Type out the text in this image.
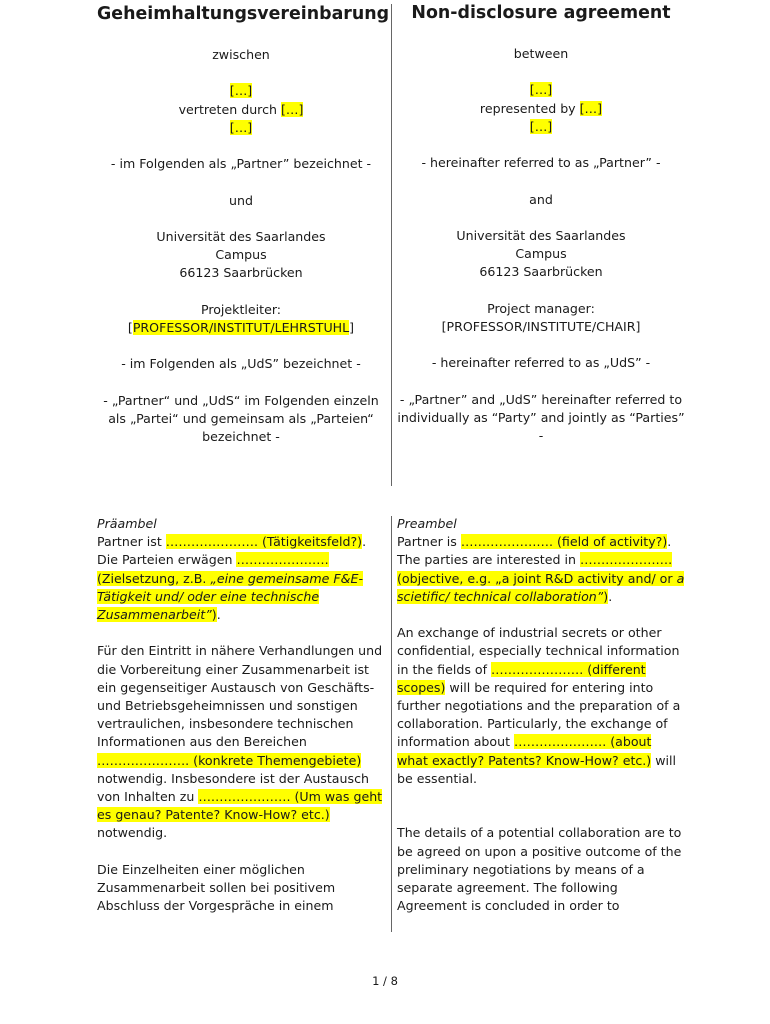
Geheimhaltungsvereinbarung

zwischen

[…]

vertreten durch […]

[…]

- im Folgenden als „Partner” bezeichnet -

und

Universität des Saarlandes

Campus

66123 Saarbrücken

Projektleiter:

[PROFESSOR/INSTITUT/LEHRSTUHL]

- im Folgenden als „UdS” bezeichnet -

- „Partner“ und „UdS“ im Folgenden einzeln als „Partei“ und gemeinsam als „Parteien“ bezeichnet -

Non-disclosure agreement

between

[…]

represented by […]

[…]

- hereinafter referred to as „Partner” -

and

Universität des Saarlandes

Campus

66123 Saarbrücken

Project manager:

[PROFESSOR/INSTITUTE/CHAIR]

- hereinafter referred to as „UdS” -

- „Partner” and „UdS” hereinafter referred to individually as “Party” and jointly as “Parties” -

Präambel

Partner ist …………………. (Tätigkeitsfeld?). Die Parteien erwägen …………………. (Zielsetzung, z.B. „eine gemeinsame F&E-Tätigkeit und/ oder eine technische Zusammenarbeit”).

Für den Eintritt in nähere Verhandlungen und die Vorbereitung einer Zusammenarbeit ist ein gegenseitiger Austausch von Geschäfts- und Betriebsgeheimnissen und sonstigen vertraulichen, insbesondere technischen Informationen aus den Bereichen …………………. (konkrete Themengebiete) notwendig. Insbesondere ist der Austausch von Inhalten zu …………………. (Um was geht es genau? Patente? Know-How? etc.) notwendig.

Die Einzelheiten einer möglichen Zusammenarbeit sollen bei positivem Abschluss der Vorgespräche in einem

Preambel

Partner is …………………. (field of activity?). The parties are interested in …………………. (objective, e.g. „a joint R&D activity and/ or a scietific/ technical collaboration”).

An exchange of industrial secrets or other confidential, especially technical information in the fields of …………………. (different scopes) will be required for entering into further negotiations and the preparation of a collaboration. Particularly, the exchange of information about …………………. (about what exactly? Patents? Know-How? etc.) will be essential.

The details of a potential collaboration are to be agreed on upon a positive outcome of the preliminary negotiations by means of a separate agreement. The following Agreement is concluded in order to

1 / 8
